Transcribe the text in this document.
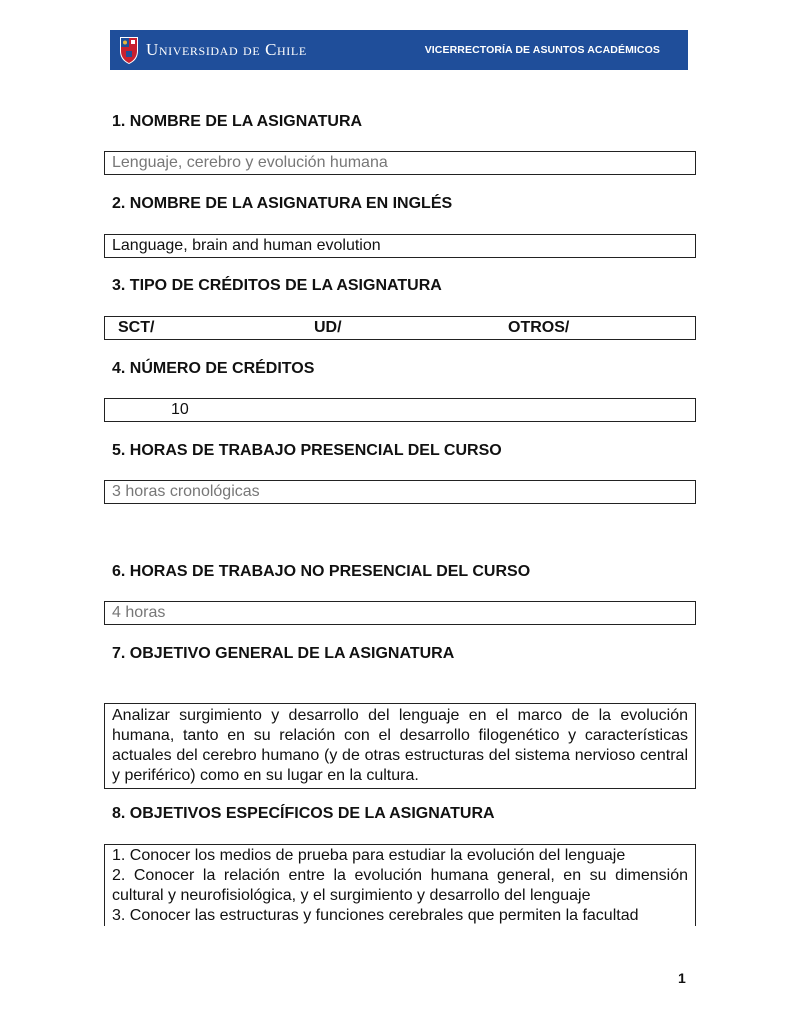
Universidad de Chile	VICERRECTORÍA DE ASUNTOS ACADÉMICOS
1. NOMBRE DE LA ASIGNATURA
Lenguaje, cerebro y evolución humana
2. NOMBRE DE LA ASIGNATURA EN INGLÉS
Language, brain and human evolution
3. TIPO DE CRÉDITOS DE LA ASIGNATURA
SCT/	UD/	OTROS/
4. NÚMERO DE CRÉDITOS
10
5. HORAS DE TRABAJO PRESENCIAL DEL CURSO
3 horas cronológicas
6. HORAS DE TRABAJO NO PRESENCIAL DEL CURSO
4 horas
7. OBJETIVO GENERAL DE LA ASIGNATURA
Analizar surgimiento y desarrollo del lenguaje en el marco de la evolución humana, tanto en su relación con el desarrollo filogenético y características actuales del cerebro humano (y de otras estructuras del sistema nervioso central y periférico) como en su lugar en la cultura.
8. OBJETIVOS ESPECÍFICOS DE LA ASIGNATURA
1. Conocer los medios de prueba para estudiar la evolución del lenguaje
2. Conocer la relación entre la evolución humana general, en su dimensión cultural y neurofisiológica, y el surgimiento y desarrollo del lenguaje
3. Conocer las estructuras y funciones cerebrales que permiten la facultad
1
